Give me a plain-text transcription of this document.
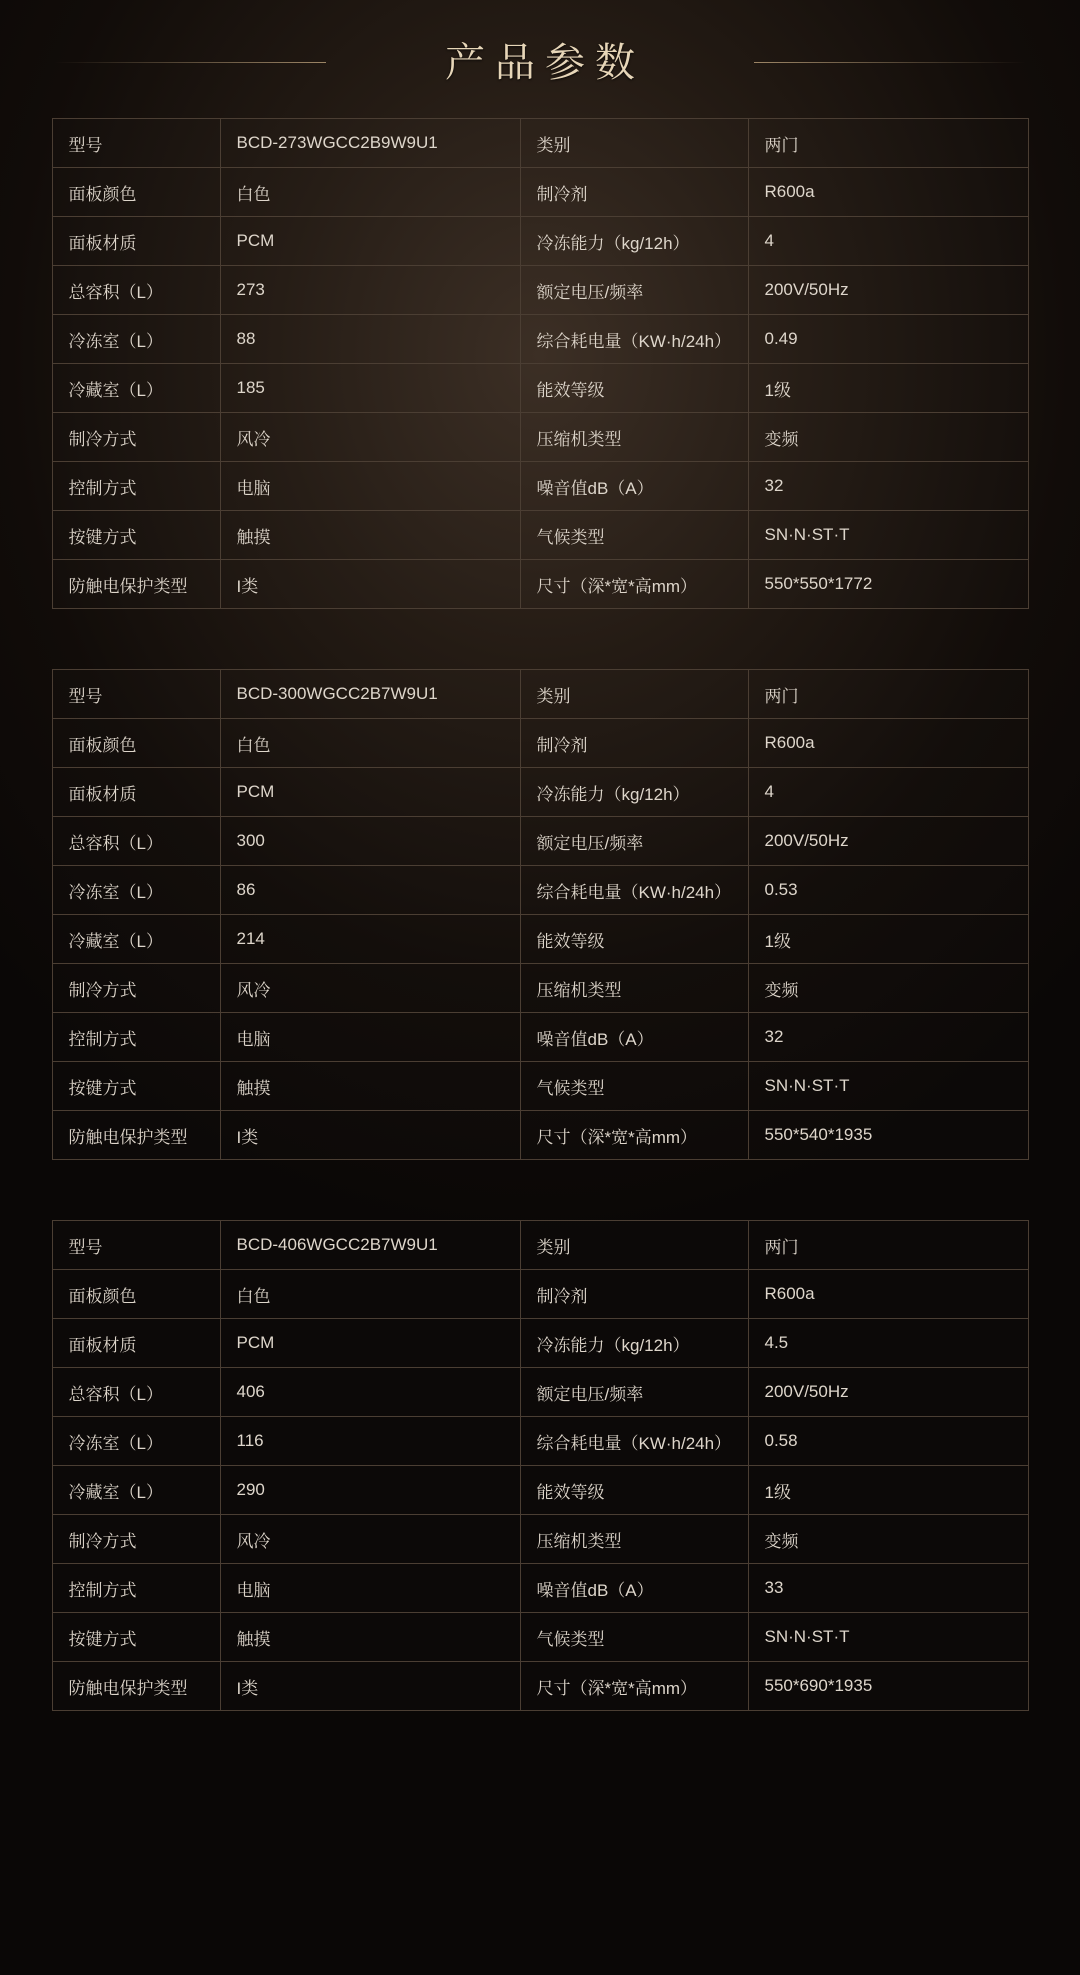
产品参数
型号	BCD-273WGCC2B9W9U1	类别	两门
面板颜色	白色	制冷剂	R600a
面板材质	PCM	冷冻能力（kg/12h）	4
总容积（L）	273	额定电压/频率	200V/50Hz
冷冻室（L）	88	综合耗电量（KW·h/24h）	0.49
冷藏室（L）	185	能效等级	1级
制冷方式	风冷	压缩机类型	变频
控制方式	电脑	噪音值dB（A）	32
按键方式	触摸	气候类型	SN·N·ST·T
防触电保护类型	I类	尺寸（深*宽*高mm）	550*550*1772
型号	BCD-300WGCC2B7W9U1	类别	两门
面板颜色	白色	制冷剂	R600a
面板材质	PCM	冷冻能力（kg/12h）	4
总容积（L）	300	额定电压/频率	200V/50Hz
冷冻室（L）	86	综合耗电量（KW·h/24h）	0.53
冷藏室（L）	214	能效等级	1级
制冷方式	风冷	压缩机类型	变频
控制方式	电脑	噪音值dB（A）	32
按键方式	触摸	气候类型	SN·N·ST·T
防触电保护类型	I类	尺寸（深*宽*高mm）	550*540*1935
型号	BCD-406WGCC2B7W9U1	类别	两门
面板颜色	白色	制冷剂	R600a
面板材质	PCM	冷冻能力（kg/12h）	4.5
总容积（L）	406	额定电压/频率	200V/50Hz
冷冻室（L）	116	综合耗电量（KW·h/24h）	0.58
冷藏室（L）	290	能效等级	1级
制冷方式	风冷	压缩机类型	变频
控制方式	电脑	噪音值dB（A）	33
按键方式	触摸	气候类型	SN·N·ST·T
防触电保护类型	I类	尺寸（深*宽*高mm）	550*690*1935
